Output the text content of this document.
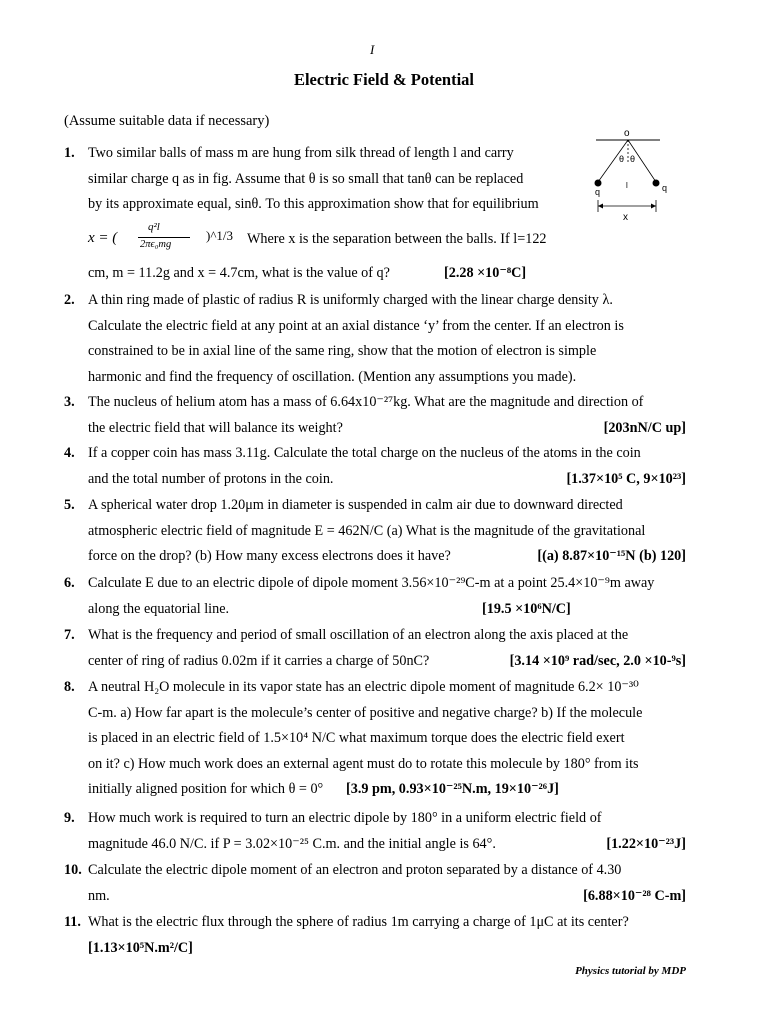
I
Electric Field & Potential
(Assume suitable data if necessary)
o
θ θ
q	q
l
x
1. Two similar balls of mass m are hung from silk thread of length l and carry
similar charge q as in fig. Assume that θ is so small that tanθ can be replaced
by its approximate equal, sinθ. To this approximation show that for equilibrium
x = (
q²l
2πϵ₀mg
)^1/3 Where x is the separation between the balls. If l=122
cm, m = 11.2g and x = 4.7cm, what is the value of q?	[2.28 ×10⁻⁸C]
2. A thin ring made of plastic of radius R is uniformly charged with the linear charge density λ.
Calculate the electric field at any point at an axial distance ‘y’ from the center. If an electron is
constrained to be in axial line of the same ring, show that the motion of electron is simple
harmonic and find the frequency of oscillation. (Mention any assumptions you made).
3. The nucleus of helium atom has a mass of 6.64x10⁻²⁷kg. What are the magnitude and direction of
the electric field that will balance its weight?	[203nN/C up]
4. If a copper coin has mass 3.11g. Calculate the total charge on the nucleus of the atoms in the coin
and the total number of protons in the coin.	[1.37×10⁵ C, 9×10²³]
5. A spherical water drop 1.20μm in diameter is suspended in calm air due to downward directed
atmospheric electric field of magnitude E = 462N/C (a) What is the magnitude of the gravitational
force on the drop? (b) How many excess electrons does it have?	[(a) 8.87×10⁻¹⁵N (b) 120]
6. Calculate E due to an electric dipole of dipole moment 3.56×10⁻²⁹C-m at a point 25.4×10⁻⁹m away
along the equatorial line.	[19.5 ×10⁶N/C]
7. What is the frequency and period of small oscillation of an electron along the axis placed at the
center of ring of radius 0.02m if it carries a charge of 50nC?	[3.14 ×10⁹ rad/sec, 2.0 ×10-⁹s]
8. A neutral H₂O molecule in its vapor state has an electric dipole moment of magnitude 6.2× 10⁻³⁰
C-m. a) How far apart is the molecule’s center of positive and negative charge? b) If the molecule
is placed in an electric field of 1.5×10⁴ N/C what maximum torque does the electric field exert
on it? c) How much work does an external agent must do to rotate this molecule by 180° from its
initially aligned position for which θ = 0° [3.9 pm, 0.93×10⁻²⁵N.m, 19×10⁻²⁶J]
9. How much work is required to turn an electric dipole by 180° in a uniform electric field of
magnitude 46.0 N/C. if P = 3.02×10⁻²⁵ C.m. and the initial angle is 64°.	[1.22×10⁻²³J]
10. Calculate the electric dipole moment of an electron and proton separated by a distance of 4.30
nm.	[6.88×10⁻²⁸ C-m]
11. What is the electric flux through the sphere of radius 1m carrying a charge of 1μC at its center?
[1.13×10⁵N.m²/C]
Physics tutorial by MDP
